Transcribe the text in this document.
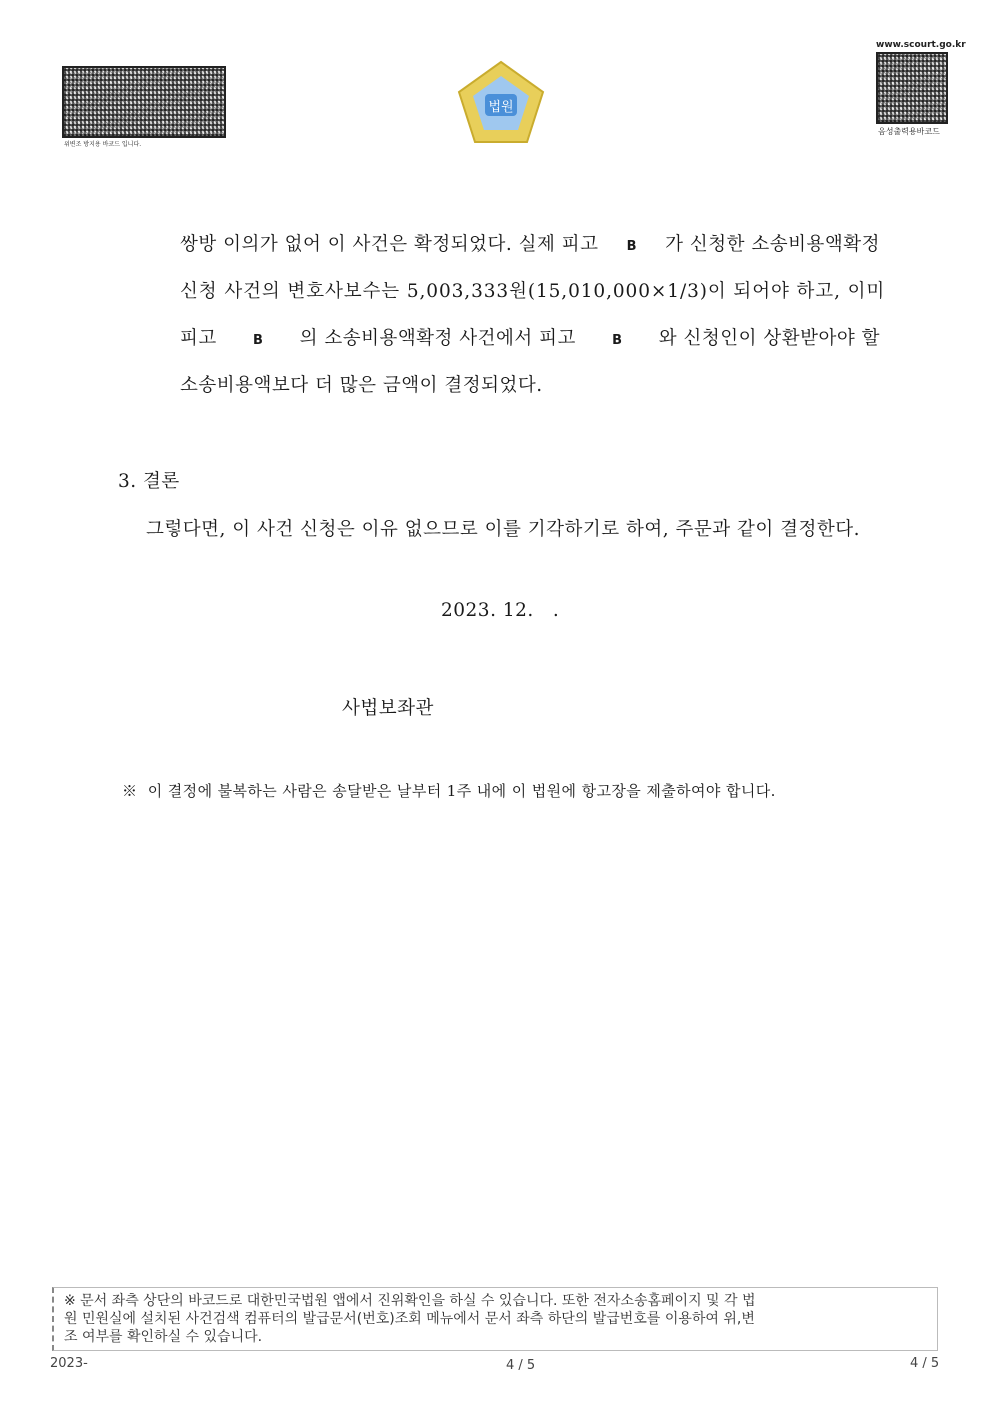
위변조 방지용 바코드 입니다.
법원
www.scourt.go.kr
음성출력용바코드
쌍방 이의가 없어 이 사건은 확정되었다. 실제 피고 B 가 신청한 소송비용액확정
신청 사건의 변호사보수는 5,003,333원(15,010,000×1/3)이 되어야 하고, 이미
피고	B 의 소송비용액확정 사건에서 피고	B 와 신청인이 상환받아야 할
소송비용액보다 더 많은 금액이 결정되었다.
3. 결론
그렇다면, 이 사건 신청은 이유 없으므로 이를 기각하기로 하여, 주문과 같이 결정한다.
2023. 12.   .
사법보좌관
※  이 결정에 불복하는 사람은 송달받은 날부터 1주 내에 이 법원에 항고장을 제출하여야 합니다.
※ 문서 좌측 상단의 바코드로 대한민국법원 앱에서 진위확인을 하실 수 있습니다. 또한 전자소송홈페이지 및 각 법
원 민원실에 설치된 사건검색 컴퓨터의 발급문서(번호)조회 메뉴에서 문서 좌측 하단의 발급번호를 이용하여 위,변
조 여부를 확인하실 수 있습니다.
2023-	4 / 5	4 / 5
